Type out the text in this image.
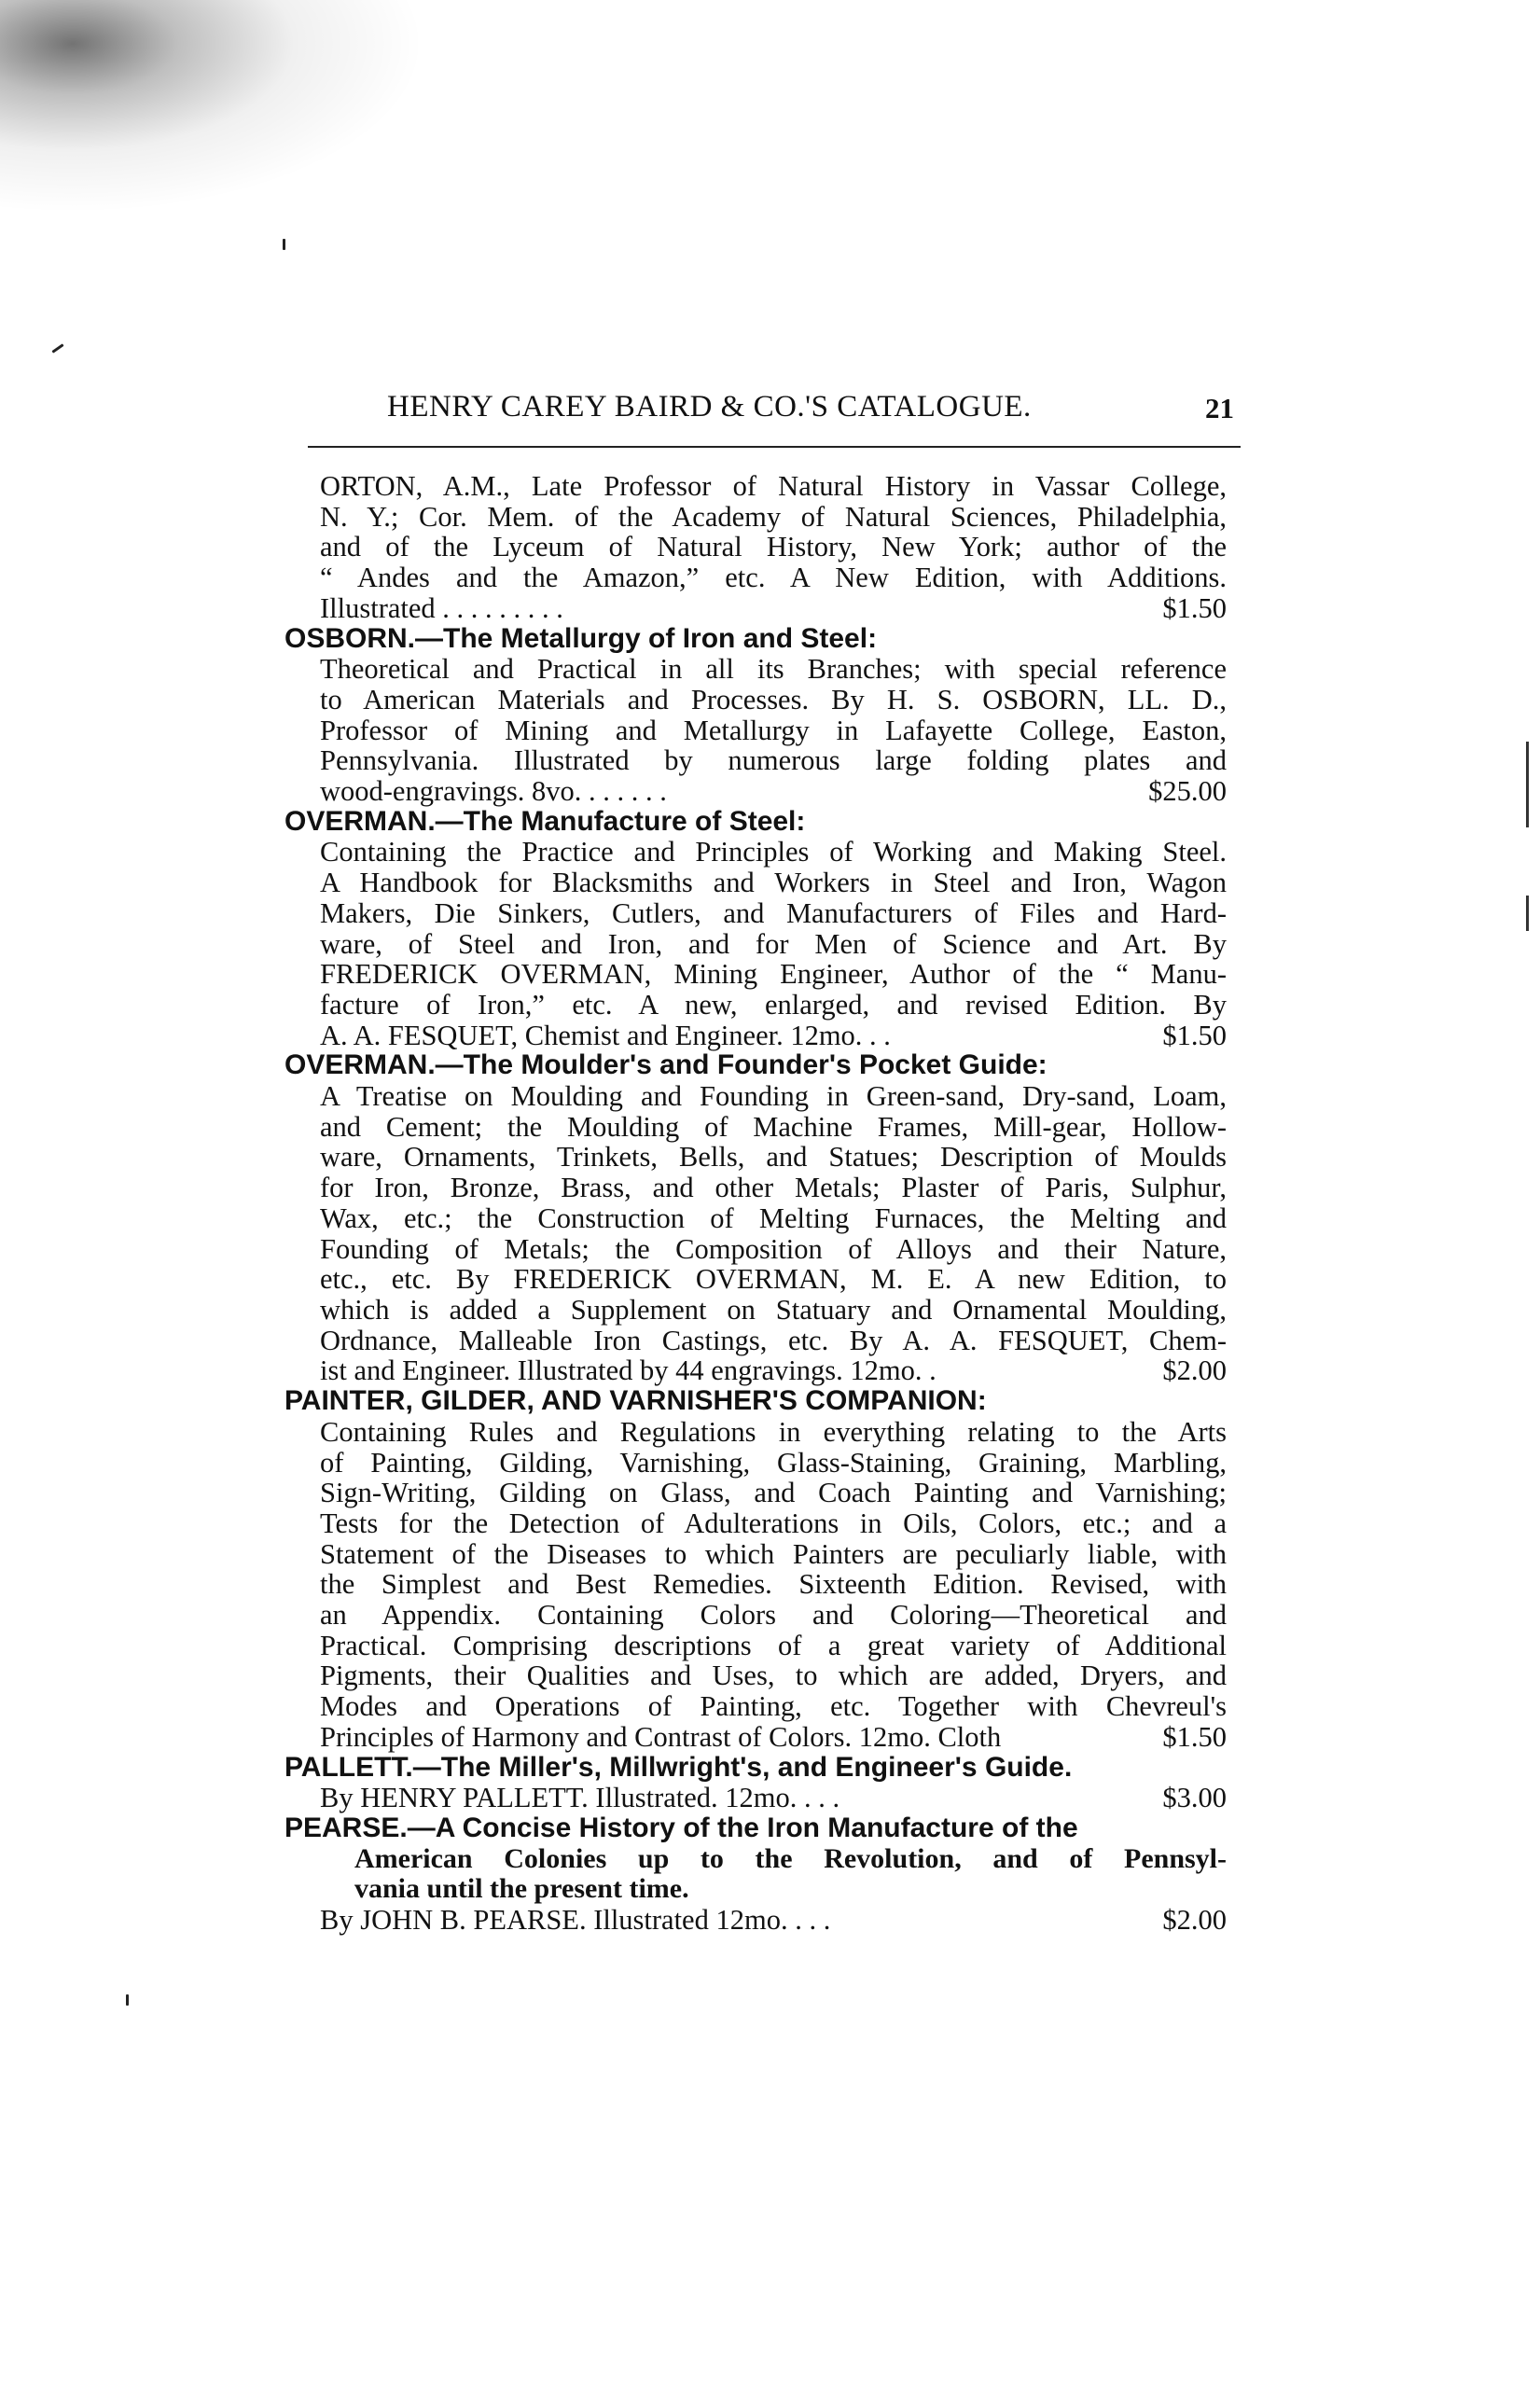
HENRY CAREY BAIRD & CO.'S CATALOGUE.	21
ORTON, A.M., Late Professor of Natural History in Vassar College,
N. Y.; Cor. Mem. of the Academy of Natural Sciences, Philadelphia,
and of the Lyceum of Natural History, New York; author of the
“ Andes and the Amazon,” etc. A New Edition, with Additions.
Illustrated . . . . . . . . .	$1.50
OSBORN.—The Metallurgy of Iron and Steel:
Theoretical and Practical in all its Branches; with special reference
to American Materials and Processes. By H. S. OSBORN, LL. D.,
Professor of Mining and Metallurgy in Lafayette College, Easton,
Pennsylvania. Illustrated by numerous large folding plates and
wood-engravings. 8vo. . . . . . .	$25.00
OVERMAN.—The Manufacture of Steel:
Containing the Practice and Principles of Working and Making Steel.
A Handbook for Blacksmiths and Workers in Steel and Iron, Wagon
Makers, Die Sinkers, Cutlers, and Manufacturers of Files and Hard-
ware, of Steel and Iron, and for Men of Science and Art. By
FREDERICK OVERMAN, Mining Engineer, Author of the “ Manu-
facture of Iron,” etc. A new, enlarged, and revised Edition. By
A. A. FESQUET, Chemist and Engineer. 12mo. . .	$1.50
OVERMAN.—The Moulder's and Founder's Pocket Guide:
A Treatise on Moulding and Founding in Green-sand, Dry-sand, Loam,
and Cement; the Moulding of Machine Frames, Mill-gear, Hollow-
ware, Ornaments, Trinkets, Bells, and Statues; Description of Moulds
for Iron, Bronze, Brass, and other Metals; Plaster of Paris, Sulphur,
Wax, etc.; the Construction of Melting Furnaces, the Melting and
Founding of Metals; the Composition of Alloys and their Nature,
etc., etc. By FREDERICK OVERMAN, M. E. A new Edition, to
which is added a Supplement on Statuary and Ornamental Moulding,
Ordnance, Malleable Iron Castings, etc. By A. A. FESQUET, Chem-
ist and Engineer. Illustrated by 44 engravings. 12mo. .	$2.00
PAINTER, GILDER, AND VARNISHER'S COMPANION:
Containing Rules and Regulations in everything relating to the Arts
of Painting, Gilding, Varnishing, Glass-Staining, Graining, Marbling,
Sign-Writing, Gilding on Glass, and Coach Painting and Varnishing;
Tests for the Detection of Adulterations in Oils, Colors, etc.; and a
Statement of the Diseases to which Painters are peculiarly liable, with
the Simplest and Best Remedies. Sixteenth Edition. Revised, with
an Appendix. Containing Colors and Coloring—Theoretical and
Practical. Comprising descriptions of a great variety of Additional
Pigments, their Qualities and Uses, to which are added, Dryers, and
Modes and Operations of Painting, etc. Together with Chevreul's
Principles of Harmony and Contrast of Colors. 12mo. Cloth	$1.50
PALLETT.—The Miller's, Millwright's, and Engineer's Guide.
By HENRY PALLETT. Illustrated. 12mo. . . .	$3.00
PEARSE.—A Concise History of the Iron Manufacture of the
American Colonies up to the Revolution, and of Pennsyl-
vania until the present time.
By JOHN B. PEARSE. Illustrated 12mo. . . .	$2.00
